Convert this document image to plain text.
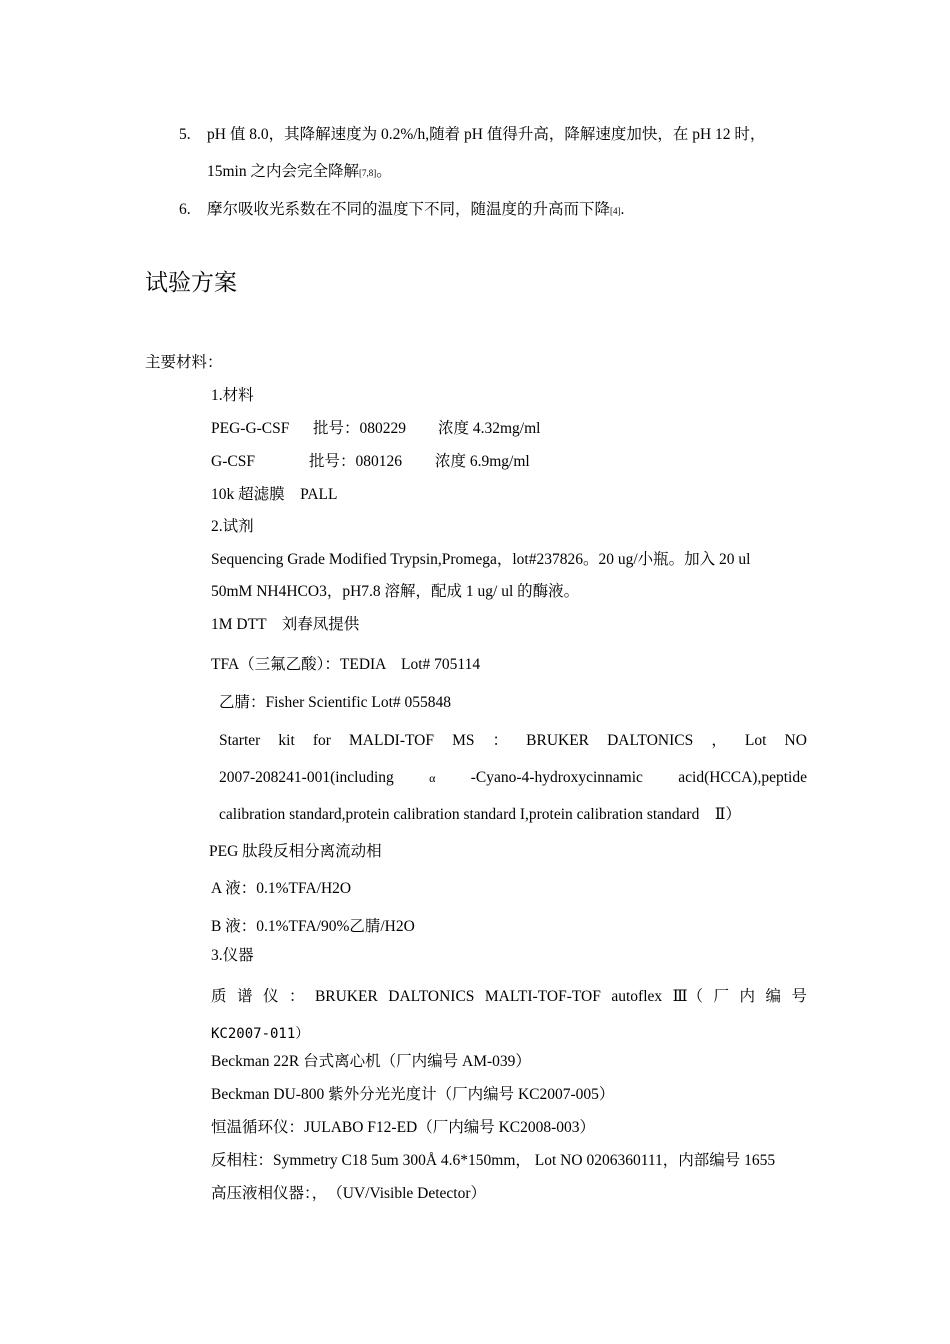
5. pH 值 8.0，其降解速度为 0.2%/h,随着 pH 值得升高，降解速度加快，在 pH 12 时，
15min 之内会完全降解[7,8]。
6. 摩尔吸收光系数在不同的温度下不同，随温度的升高而下降[4].
试验方案
主要材料：
1.材料
PEG-G-CSF 批号：080229 浓度 4.32mg/ml
G-CSF	批号：080126 浓度 6.9mg/ml
10k 超滤膜　PALL
2.试剂
Sequencing Grade Modified Trypsin,Promega，lot#237826。20 ug/小瓶。加入 20 ul
50mM NH4HCO3，pH7.8 溶解，配成 1 ug/ ul 的酶液。
1M DTT　刘春凤提供
TFA（三氟乙酸）：TEDIA　Lot# 705114
乙腈：Fisher Scientific Lot# 055848
Starter kit for MALDI-TOF MS ： BRUKER DALTONICS ， Lot NO
2007-208241-001(including	α -Cyano-4-hydroxycinnamic acid(HCCA),peptide
calibration standard,protein calibration standard I,protein calibration standard　Ⅱ）
PEG 肽段反相分离流动相
A 液：0.1%TFA/H2O
B 液：0.1%TFA/90%乙腈/H2O
3.仪器
质 谱 仪 ： BRUKER DALTONICS MALTI-TOF-TOF autoflex Ⅲ（ 厂 内 编 号
KC2007-011）
Beckman 22R 台式离心机（厂内编号 AM-039）
Beckman DU-800 紫外分光光度计（厂内编号 KC2007-005）
恒温循环仪：JULABO F12-ED（厂内编号 KC2008-003）
反相柱：Symmetry C18 5um 300Å 4.6*150mm， Lot NO 0206360111，内部编号 1655
高压液相仪器：，　（UV/Visible Detector）
